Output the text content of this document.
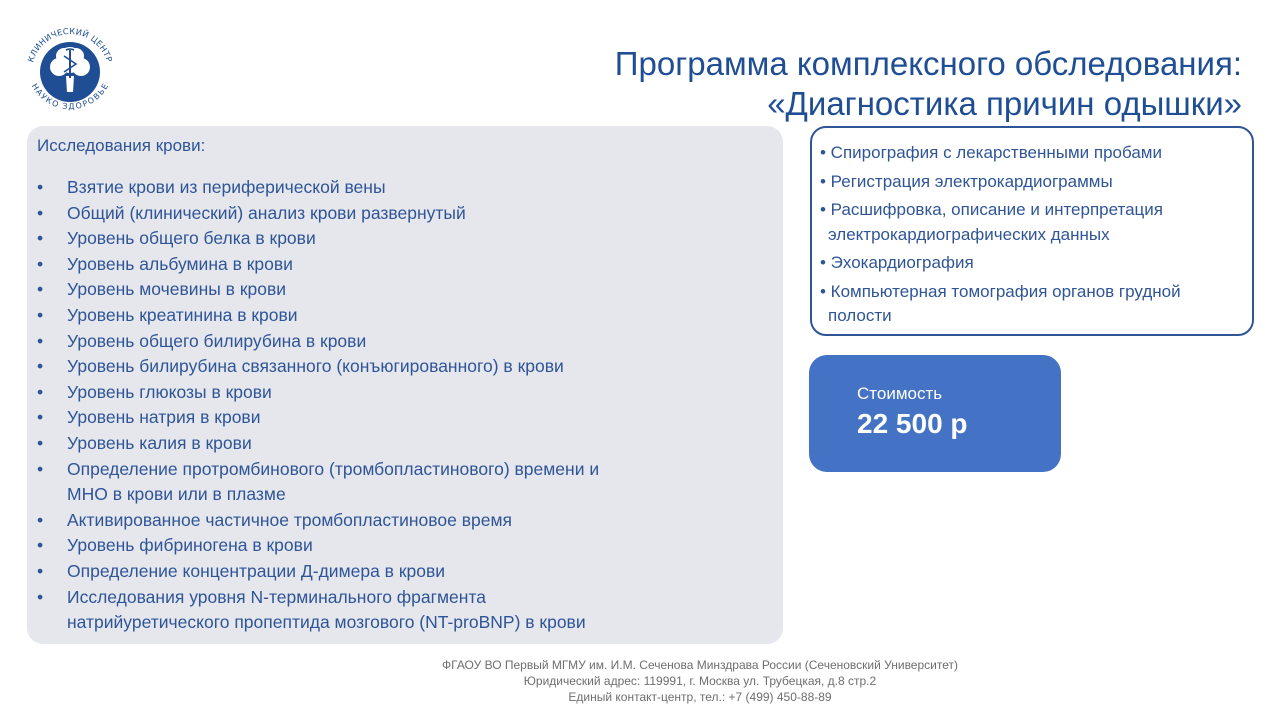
КЛИНИЧЕСКИЙ ЦЕНТР
НАУКО ЗДОРОВЬЕ
Программа комплексного обследования:
«Диагностика причин одышки»
Исследования крови:
• Взятие крови из периферической вены
• Общий (клинический) анализ крови развернутый
• Уровень общего белка в крови
• Уровень альбумина в крови
• Уровень мочевины в крови
• Уровень креатинина в крови
• Уровень общего билирубина в крови
• Уровень билирубина связанного (конъюгированного) в крови
• Уровень глюкозы в крови
• Уровень натрия в крови
• Уровень калия в крови
• Определение протромбинового (тромбопластинового) времени и
МНО в крови или в плазме
• Активированное частичное тромбопластиновое время
• Уровень фибриногена в крови
• Определение концентрации Д-димера в крови
• Исследования уровня N-терминального фрагмента
натрийуретического пропептида мозгового (NT-proBNP) в крови
• Спирография с лекарственными пробами
• Регистрация электрокардиограммы
• Расшифровка, описание и интерпретация
электрокардиографических данных
• Эхокардиография
• Компьютерная томография органов грудной
полости
Стоимость
22 500 р
ФГАОУ ВО Первый МГМУ им. И.М. Сеченова Минздрава России (Сеченовский Университет)
Юридический адрес: 119991, г. Москва ул. Трубецкая, д.8 стр.2
Единый контакт-центр, тел.: +7 (499) 450-88-89
